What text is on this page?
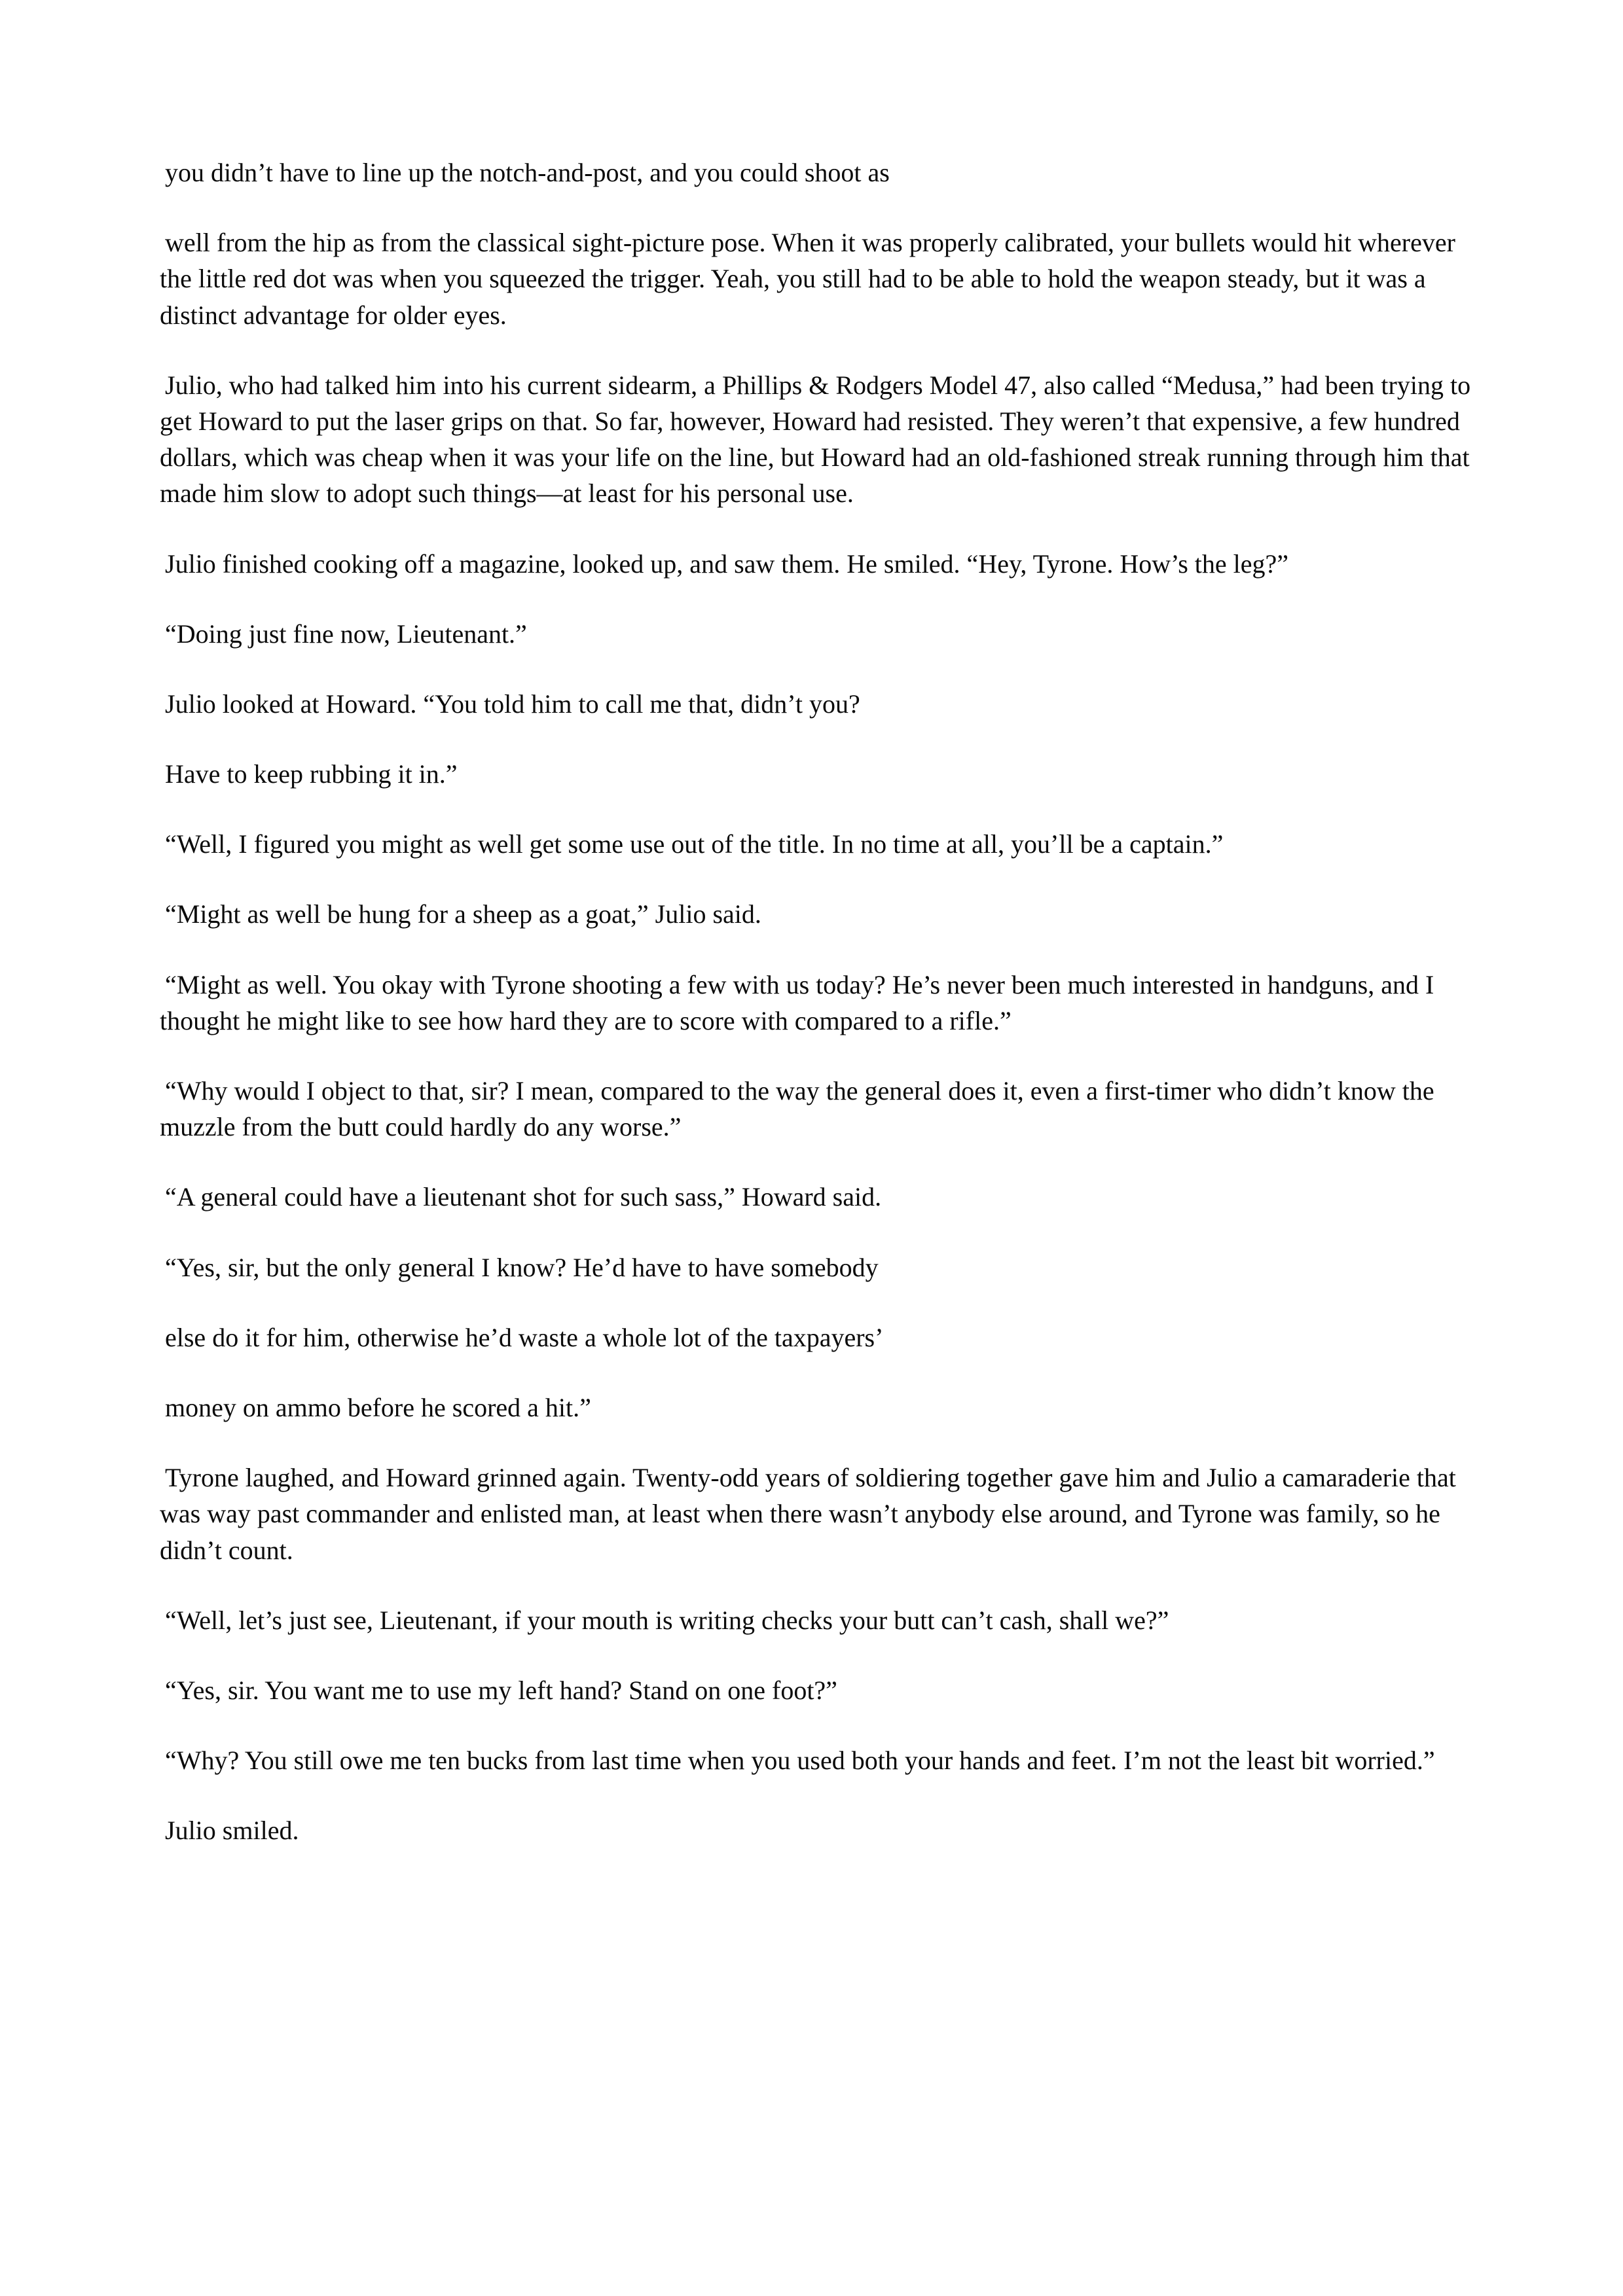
you didn’t have to line up the notch-and-post, and you could shoot as

well from the hip as from the classical sight-picture pose. When it was properly calibrated, your bullets would hit wherever the little red dot was when you squeezed the trigger. Yeah, you still had to be able to hold the weapon steady, but it was a distinct advantage for older eyes.

Julio, who had talked him into his current sidearm, a Phillips & Rodgers Model 47, also called “Medusa,” had been trying to get Howard to put the laser grips on that. So far, however, Howard had resisted. They weren’t that expensive, a few hundred dollars, which was cheap when it was your life on the line, but Howard had an old-fashioned streak running through him that made him slow to adopt such things—at least for his personal use.

Julio finished cooking off a magazine, looked up, and saw them. He smiled. “Hey, Tyrone. How’s the leg?”

“Doing just fine now, Lieutenant.”

Julio looked at Howard. “You told him to call me that, didn’t you?

Have to keep rubbing it in.”

“Well, I figured you might as well get some use out of the title. In no time at all, you’ll be a captain.”

“Might as well be hung for a sheep as a goat,” Julio said.

“Might as well. You okay with Tyrone shooting a few with us today? He’s never been much interested in handguns, and I thought he might like to see how hard they are to score with compared to a rifle.”

“Why would I object to that, sir? I mean, compared to the way the general does it, even a first-timer who didn’t know the muzzle from the butt could hardly do any worse.”

“A general could have a lieutenant shot for such sass,” Howard said.

“Yes, sir, but the only general I know? He’d have to have somebody

else do it for him, otherwise he’d waste a whole lot of the taxpayers’

money on ammo before he scored a hit.”

Tyrone laughed, and Howard grinned again. Twenty-odd years of soldiering together gave him and Julio a camaraderie that was way past commander and enlisted man, at least when there wasn’t anybody else around, and Tyrone was family, so he didn’t count.

“Well, let’s just see, Lieutenant, if your mouth is writing checks your butt can’t cash, shall we?”

“Yes, sir. You want me to use my left hand? Stand on one foot?”

“Why? You still owe me ten bucks from last time when you used both your hands and feet. I’m not the least bit worried.”

Julio smiled.
